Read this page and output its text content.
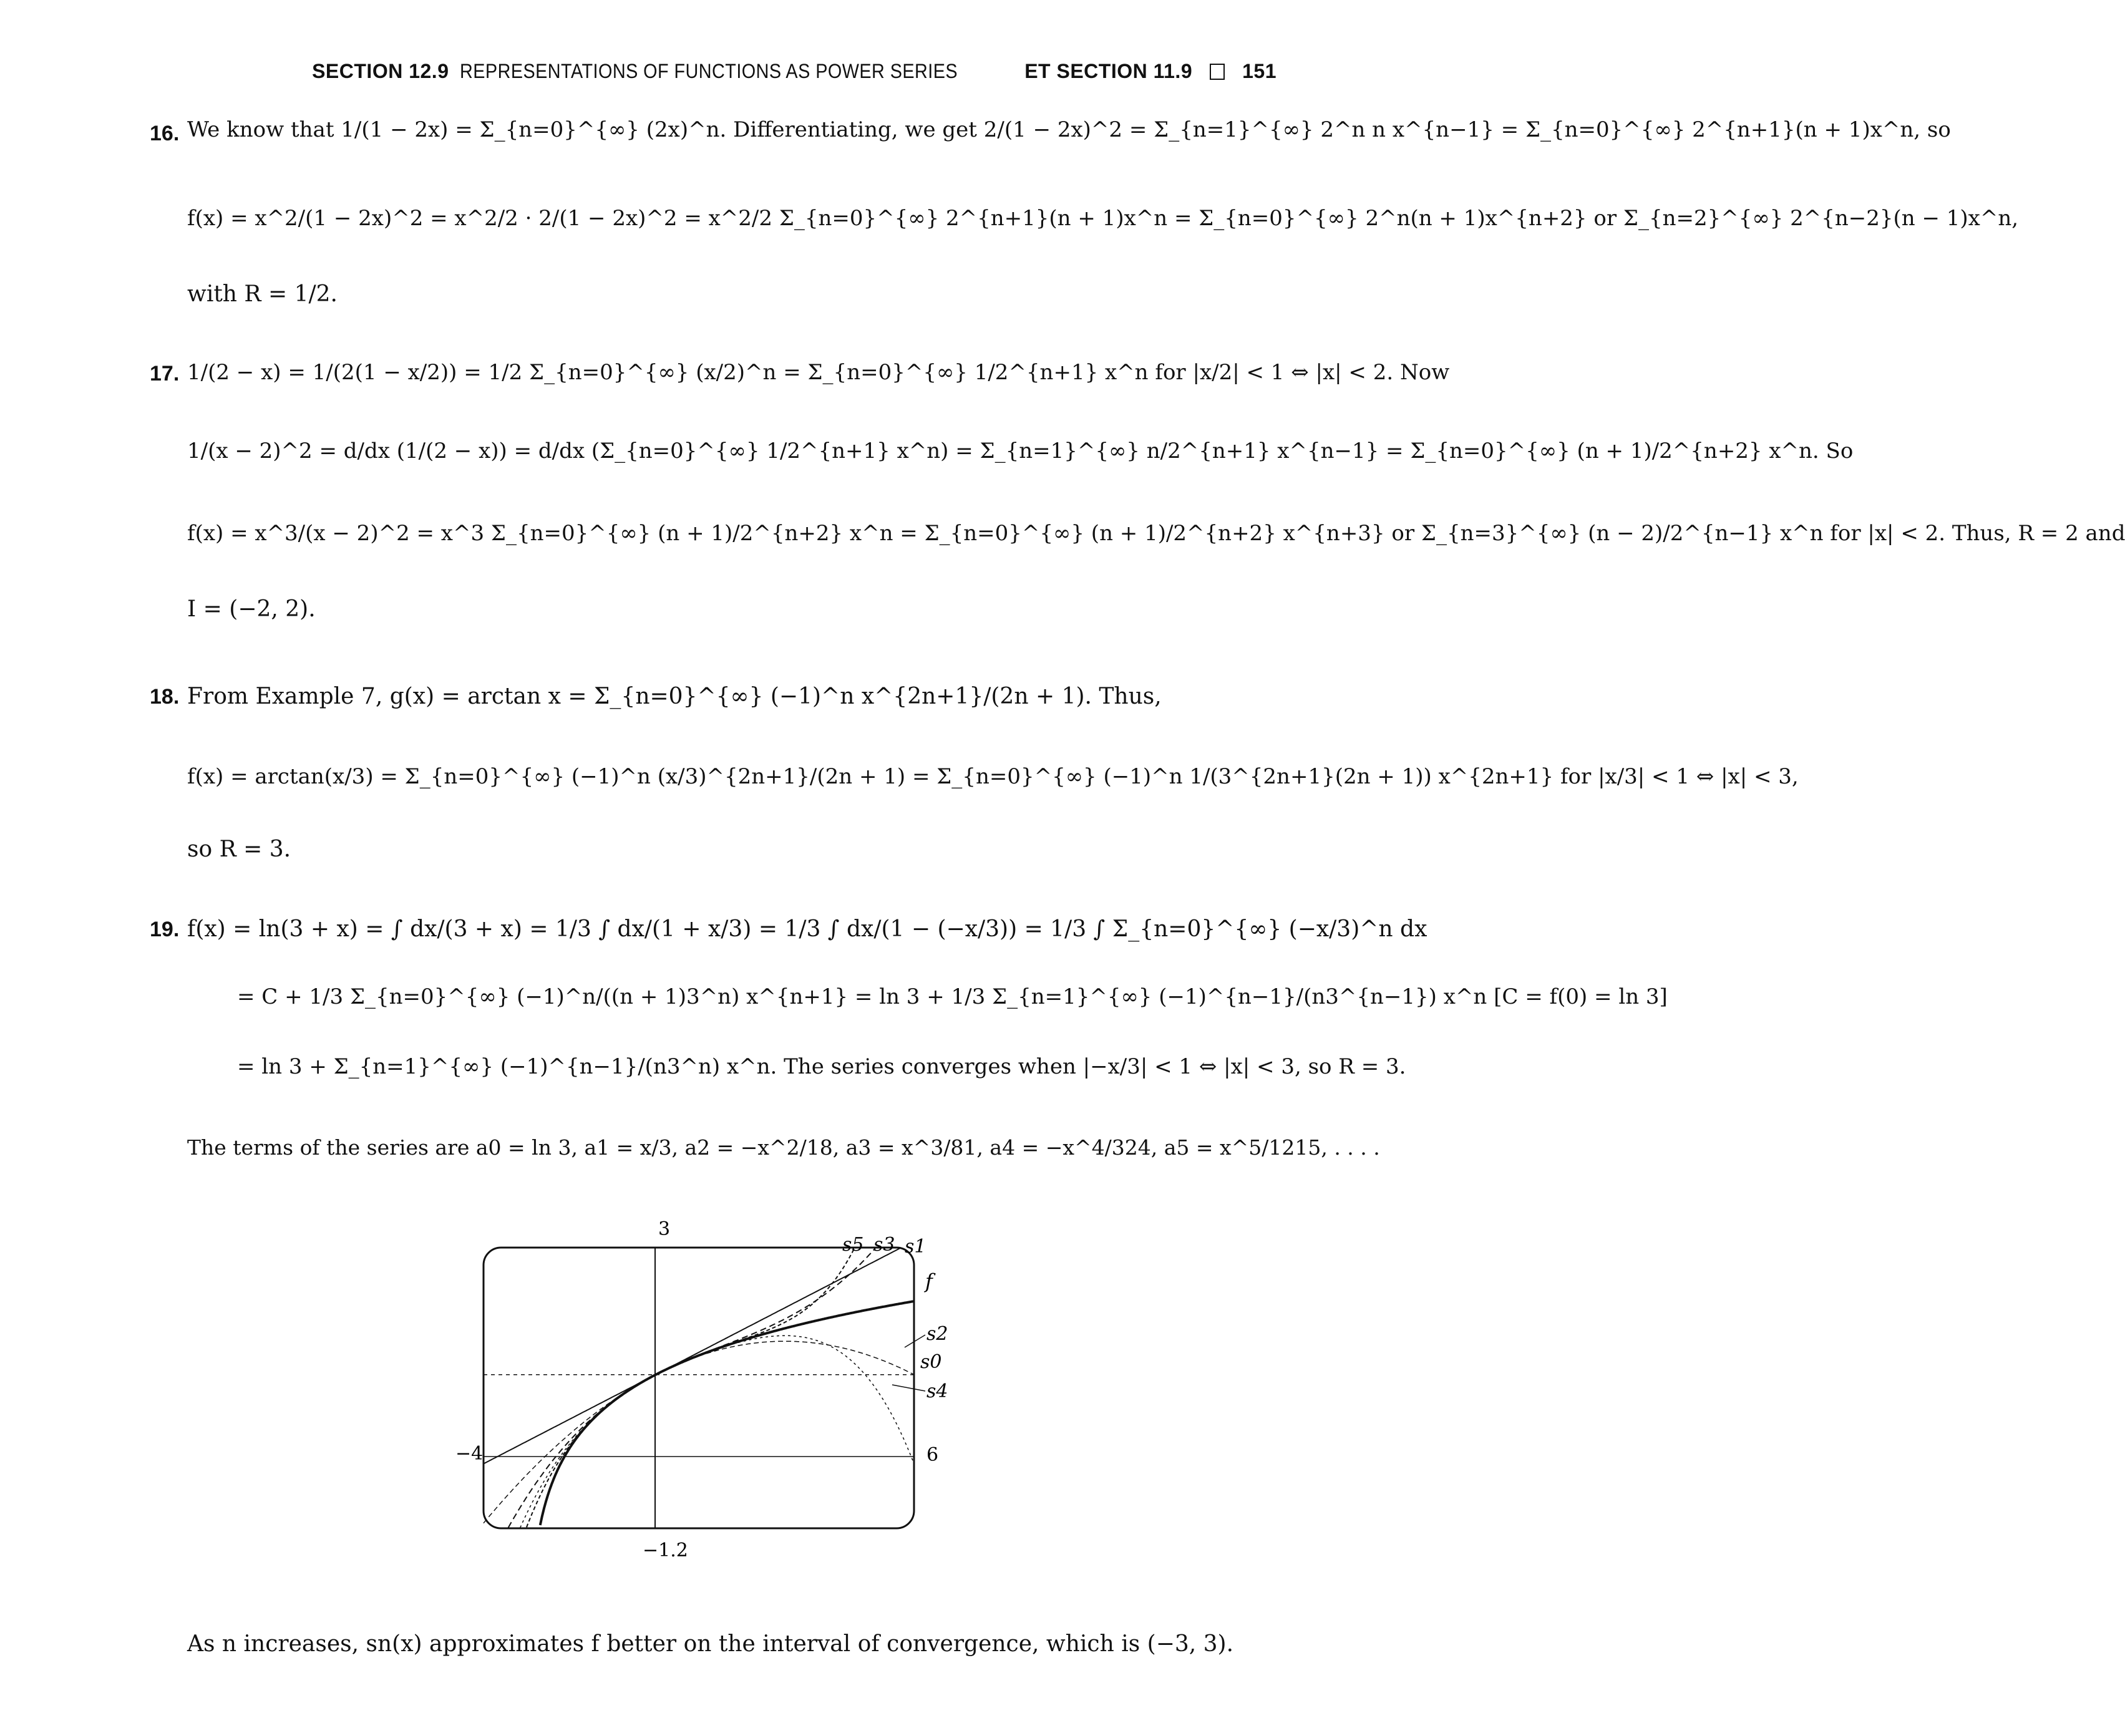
SECTION 12.9 REPRESENTATIONS OF FUNCTIONS AS POWER SERIES	ET SECTION 11.9	151
16. We know that 1/(1 − 2x) = Σ_{n=0}^{∞} (2x)^n. Differentiating, we get 2/(1 − 2x)^2 = Σ_{n=1}^{∞} 2^n n x^{n−1} = Σ_{n=0}^{∞} 2^{n+1}(n + 1)x^n, so
f(x) = x^2/(1 − 2x)^2 = x^2/2 · 2/(1 − 2x)^2 = x^2/2 Σ_{n=0}^{∞} 2^{n+1}(n + 1)x^n = Σ_{n=0}^{∞} 2^n(n + 1)x^{n+2} or Σ_{n=2}^{∞} 2^{n−2}(n − 1)x^n,
with R = 1/2.
17. 1/(2 − x) = 1/(2(1 − x/2)) = 1/2 Σ_{n=0}^{∞} (x/2)^n = Σ_{n=0}^{∞} 1/2^{n+1} x^n for |x/2| < 1 ⇔ |x| < 2. Now
1/(x − 2)^2 = d/dx (1/(2 − x)) = d/dx (Σ_{n=0}^{∞} 1/2^{n+1} x^n) = Σ_{n=1}^{∞} n/2^{n+1} x^{n−1} = Σ_{n=0}^{∞} (n + 1)/2^{n+2} x^n. So
f(x) = x^3/(x − 2)^2 = x^3 Σ_{n=0}^{∞} (n + 1)/2^{n+2} x^n = Σ_{n=0}^{∞} (n + 1)/2^{n+2} x^{n+3} or Σ_{n=3}^{∞} (n − 2)/2^{n−1} x^n for |x| < 2. Thus, R = 2 and
I = (−2, 2).
18. From Example 7, g(x) = arctan x = Σ_{n=0}^{∞} (−1)^n x^{2n+1}/(2n + 1). Thus,
f(x) = arctan(x/3) = Σ_{n=0}^{∞} (−1)^n (x/3)^{2n+1}/(2n + 1) = Σ_{n=0}^{∞} (−1)^n 1/(3^{2n+1}(2n + 1)) x^{2n+1} for |x/3| < 1 ⇔ |x| < 3,
so R = 3.
19. f(x) = ln(3 + x) = ∫ dx/(3 + x) = 1/3 ∫ dx/(1 + x/3) = 1/3 ∫ dx/(1 − (−x/3)) = 1/3 ∫ Σ_{n=0}^{∞} (−x/3)^n dx
= C + 1/3 Σ_{n=0}^{∞} (−1)^n/((n + 1)3^n) x^{n+1} = ln 3 + 1/3 Σ_{n=1}^{∞} (−1)^{n−1}/(n3^{n−1}) x^n [C = f(0) = ln 3]
= ln 3 + Σ_{n=1}^{∞} (−1)^{n−1}/(n3^n) x^n. The series converges when |−x/3| < 1 ⇔ |x| < 3, so R = 3.
The terms of the series are a0 = ln 3, a1 = x/3, a2 = −x^2/18, a3 = x^3/81, a4 = −x^4/324, a5 = x^5/1215, . . . .
3
−1.2
−4	6
s5 s3 s1
f
s2
s0
s4
As n increases, sn(x) approximates f better on the interval of convergence, which is (−3, 3).
